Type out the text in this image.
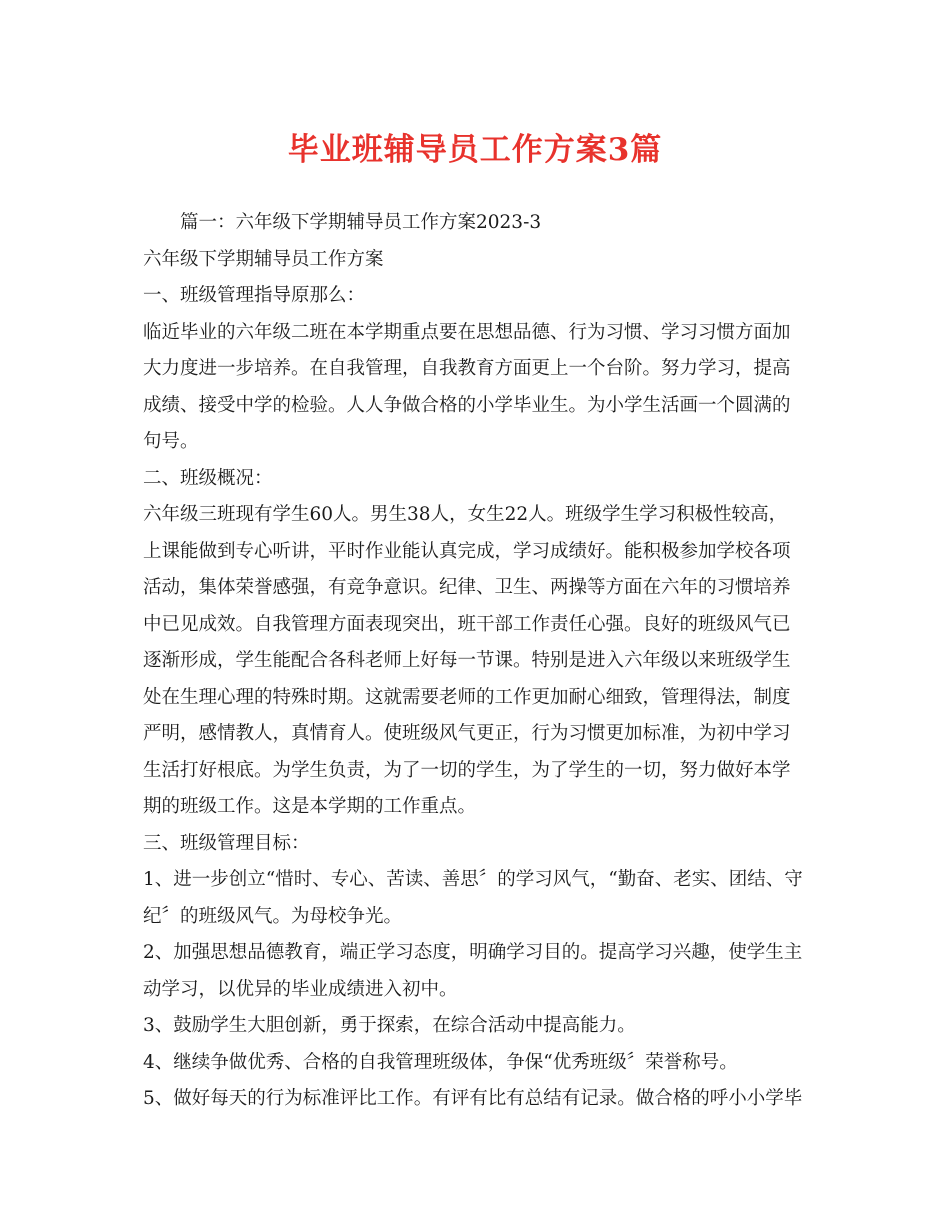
毕业班辅导员工作方案3篇
篇一：六年级下学期辅导员工作方案2023-3
六年级下学期辅导员工作方案
一、班级管理指导原那么：
临近毕业的六年级二班在本学期重点要在思想品德、行为习惯、学习习惯方面加
大力度进一步培养。在自我管理，自我教育方面更上一个台阶。努力学习，提高
成绩、接受中学的检验。人人争做合格的小学毕业生。为小学生活画一个圆满的
句号。
二、班级概况：
六年级三班现有学生60人。男生38人，女生22人。班级学生学习积极性较高，
上课能做到专心听讲，平时作业能认真完成，学习成绩好。能积极参加学校各项
活动，集体荣誉感强，有竞争意识。纪律、卫生、两操等方面在六年的习惯培养
中已见成效。自我管理方面表现突出，班干部工作责任心强。良好的班级风气已
逐渐形成，学生能配合各科老师上好每一节课。特别是进入六年级以来班级学生
处在生理心理的特殊时期。这就需要老师的工作更加耐心细致，管理得法，制度
严明，感情教人，真情育人。使班级风气更正，行为习惯更加标准，为初中学习
生活打好根底。为学生负责，为了一切的学生，为了学生的一切，努力做好本学
期的班级工作。这是本学期的工作重点。
三、班级管理目标：
1、进一步创立“惜时、专心、苦读、善思〞的学习风气，“勤奋、老实、团结、守
纪〞的班级风气。为母校争光。
2、加强思想品德教育，端正学习态度，明确学习目的。提高学习兴趣，使学生主
动学习，以优异的毕业成绩进入初中。
3、鼓励学生大胆创新，勇于探索，在综合活动中提高能力。
4、继续争做优秀、合格的自我管理班级体，争保“优秀班级〞荣誉称号。
5、做好每天的行为标准评比工作。有评有比有总结有记录。做合格的呼小小学毕
